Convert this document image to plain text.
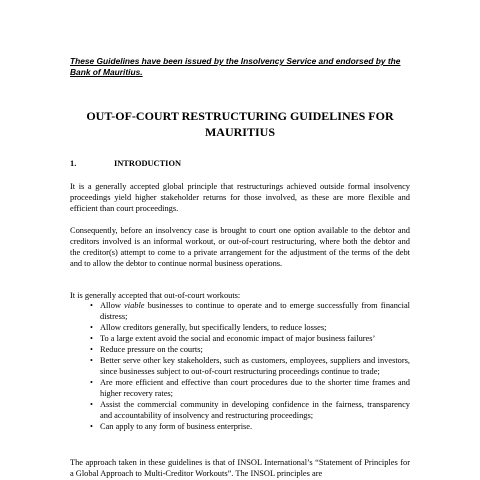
These Guidelines have been issued by the Insolvency Service and endorsed by the Bank of Mauritius.
OUT-OF-COURT RESTRUCTURING GUIDELINES FOR MAURITIUS
1.	INTRODUCTION
It is a generally accepted global principle that restructurings achieved outside formal insolvency proceedings yield higher stakeholder returns for those involved, as these are more flexible and efficient than court proceedings.
Consequently, before an insolvency case is brought to court one option available to the debtor and creditors involved is an informal workout, or out-of-court restructuring, where both the debtor and the creditor(s) attempt to come to a private arrangement for the adjustment of the terms of the debt and to allow the debtor to continue normal business operations.
It is generally accepted that out-of-court workouts:
• Allow viable businesses to continue to operate and to emerge successfully from financial distress;
• Allow creditors generally, but specifically lenders, to reduce losses;
• To a large extent avoid the social and economic impact of major business failures’
• Reduce pressure on the courts;
• Better serve other key stakeholders, such as customers, employees, suppliers and investors, since businesses subject to out-of-court restructuring proceedings continue to trade;
• Are more efficient and effective than court procedures due to the shorter time frames and higher recovery rates;
• Assist the commercial community in developing confidence in the fairness, transparency and accountability of insolvency and restructuring proceedings;
• Can apply to any form of business enterprise.
The approach taken in these guidelines is that of INSOL International’s “Statement of Principles for a Global Approach to Multi-Creditor Workouts”. The INSOL principles are
